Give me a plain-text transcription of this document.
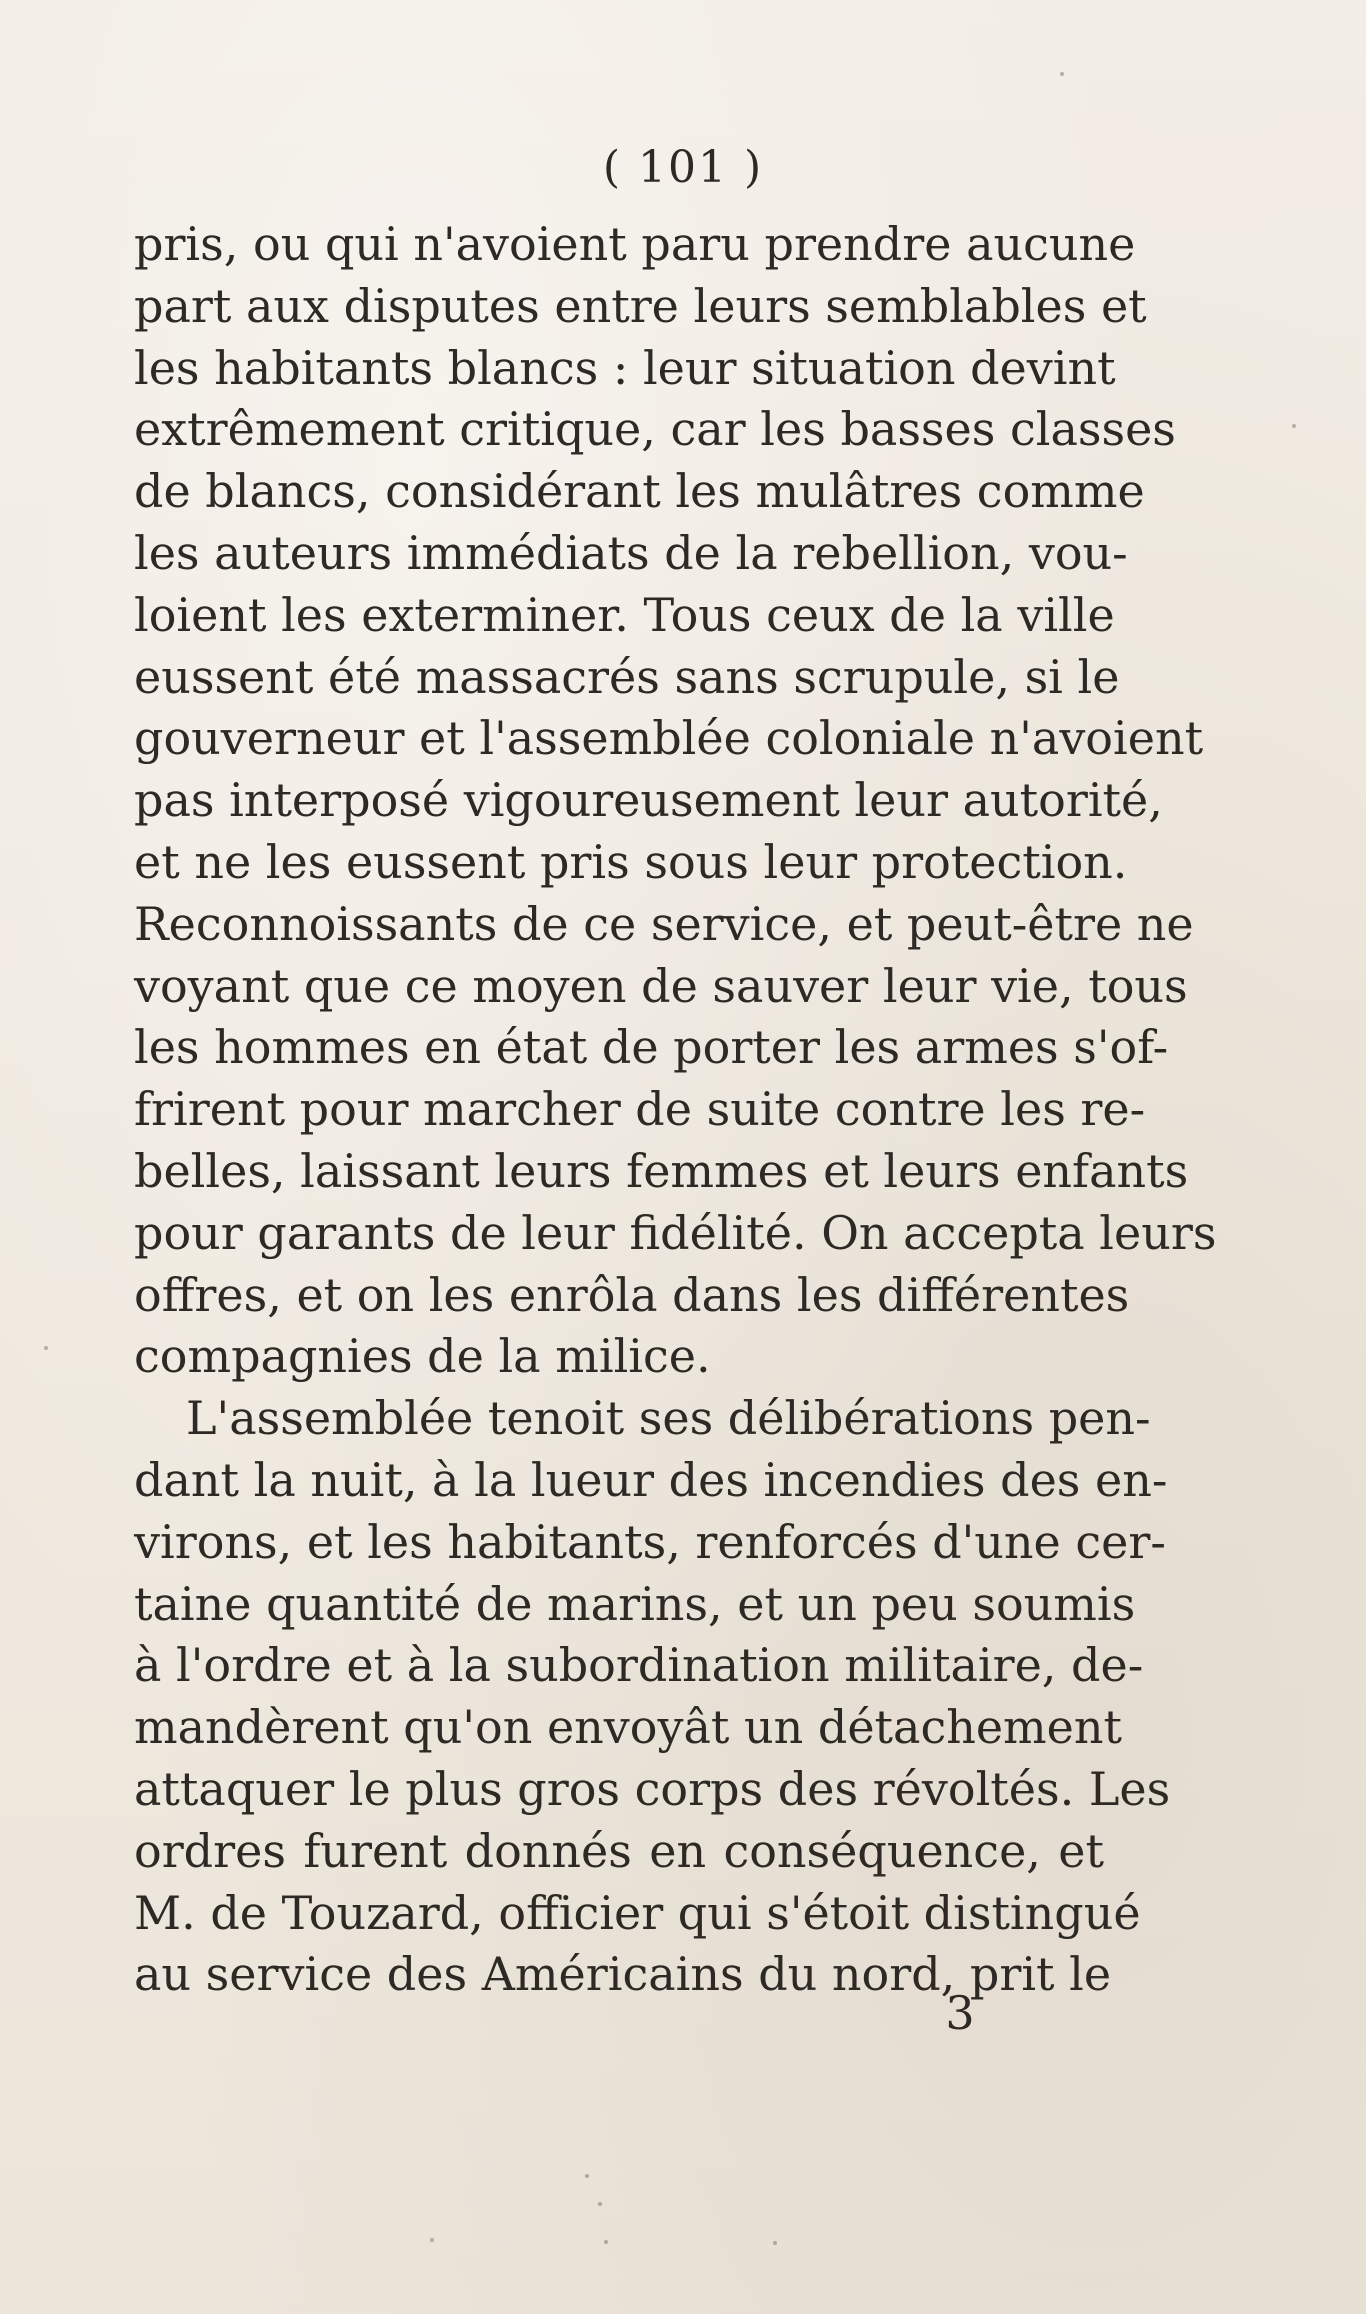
( 101 )
pris, ou qui n'avoient paru prendre aucune
part aux disputes entre leurs semblables et
les habitants blancs : leur situation devint
extrêmement critique, car les basses classes
de blancs, considérant les mulâtres comme
les auteurs immédiats de la rebellion, vou-
loient les exterminer. Tous ceux de la ville
eussent été massacrés sans scrupule, si le
gouverneur et l'assemblée coloniale n'avoient
pas interposé vigoureusement leur autorité,
et ne les eussent pris sous leur protection.
Reconnoissants de ce service, et peut-être ne
voyant que ce moyen de sauver leur vie, tous
les hommes en état de porter les armes s'of-
frirent pour marcher de suite contre les re-
belles, laissant leurs femmes et leurs enfants
pour garants de leur fidélité. On accepta leurs
offres, et on les enrôla dans les différentes
compagnies de la milice.
L'assemblée tenoit ses délibérations pen-
dant la nuit, à la lueur des incendies des en-
virons, et les habitants, renforcés d'une cer-
taine quantité de marins, et un peu soumis
à l'ordre et à la subordination militaire, de-
mandèrent qu'on envoyât un détachement
attaquer le plus gros corps des révoltés. Les
ordres furent donnés en conséquence, et
M. de Touzard, officier qui s'étoit distingué
au service des Américains du nord, prit le
3
